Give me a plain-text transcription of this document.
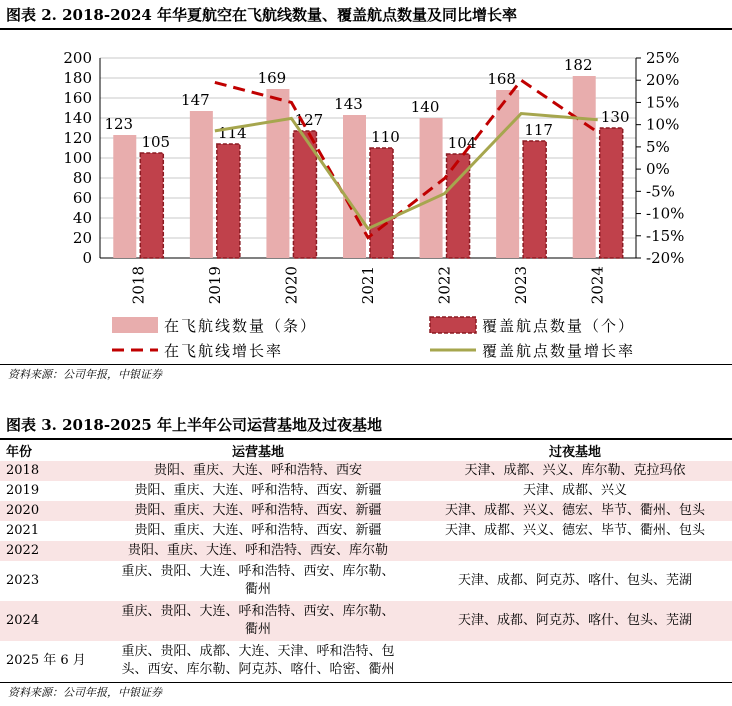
图表 2. 2018-2024 年华夏航空在飞航线数量、覆盖航点数量及同比增长率
200
180
160
140
120
100
80
60
40
20
0
25%
20%
15%
10%
5%
0%
-5%
-10%
-15%
-20%
123
105
2018
147
114
2019
169
127
2020
143
110
2021
140
104
2022
168
117
2023
182
130
2024
在飞航线数量（条）	覆盖航点数量（个）
在飞航线增长率	覆盖航点数量增长率
资料来源：公司年报，中银证券
图表 3. 2018-2025 年上半年公司运营基地及过夜基地
年份	运营基地	过夜基地
2018	贵阳、重庆、大连、呼和浩特、西安	天津、成都、兴义、库尔勒、克拉玛依
2019	贵阳、重庆、大连、呼和浩特、西安、新疆	天津、成都、兴义
2020	贵阳、重庆、大连、呼和浩特、西安、新疆	天津、成都、兴义、德宏、毕节、衢州、包头
2021	贵阳、重庆、大连、呼和浩特、西安、新疆	天津、成都、兴义、德宏、毕节、衢州、包头
2022	贵阳、重庆、大连、呼和浩特、西安、库尔勒	
2023	重庆、贵阳、大连、呼和浩特、西安、库尔勒、衢州	天津、成都、阿克苏、喀什、包头、芜湖
2024	重庆、贵阳、大连、呼和浩特、西安、库尔勒、衢州	天津、成都、阿克苏、喀什、包头、芜湖
2025 年 6 月	重庆、贵阳、成都、大连、天津、呼和浩特、包头、西安、库尔勒、阿克苏、喀什、哈密、衢州	
资料来源：公司年报，中银证券
